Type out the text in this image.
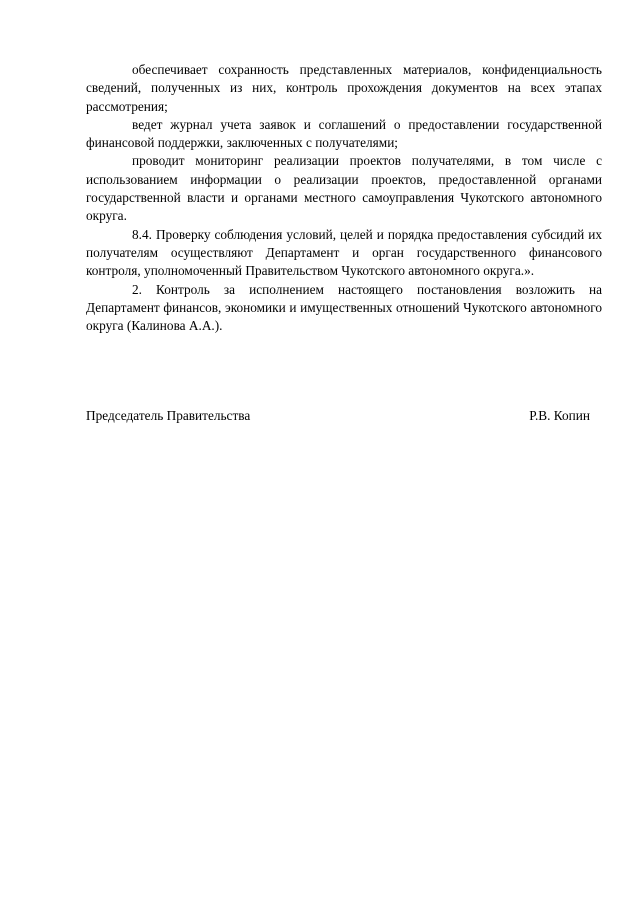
обеспечивает сохранность представленных материалов, конфиденциальность сведений, полученных из них, контроль прохождения документов на всех этапах рассмотрения;

ведет журнал учета заявок и соглашений о предоставлении государственной финансовой поддержки, заключенных с получателями;

проводит мониторинг реализации проектов получателями, в том числе с использованием информации о реализации проектов, предоставленной органами государственной власти и органами местного самоуправления Чукотского автономного округа.

8.4. Проверку соблюдения условий, целей и порядка предоставления субсидий их получателям осуществляют Департамент и орган государственного финансового контроля, уполномоченный Правительством Чукотского автономного округа.».

2. Контроль за исполнением настоящего постановления возложить на Департамент финансов, экономики и имущественных отношений Чукотского автономного округа (Калинова А.А.).

Председатель Правительства	Р.В. Копин
